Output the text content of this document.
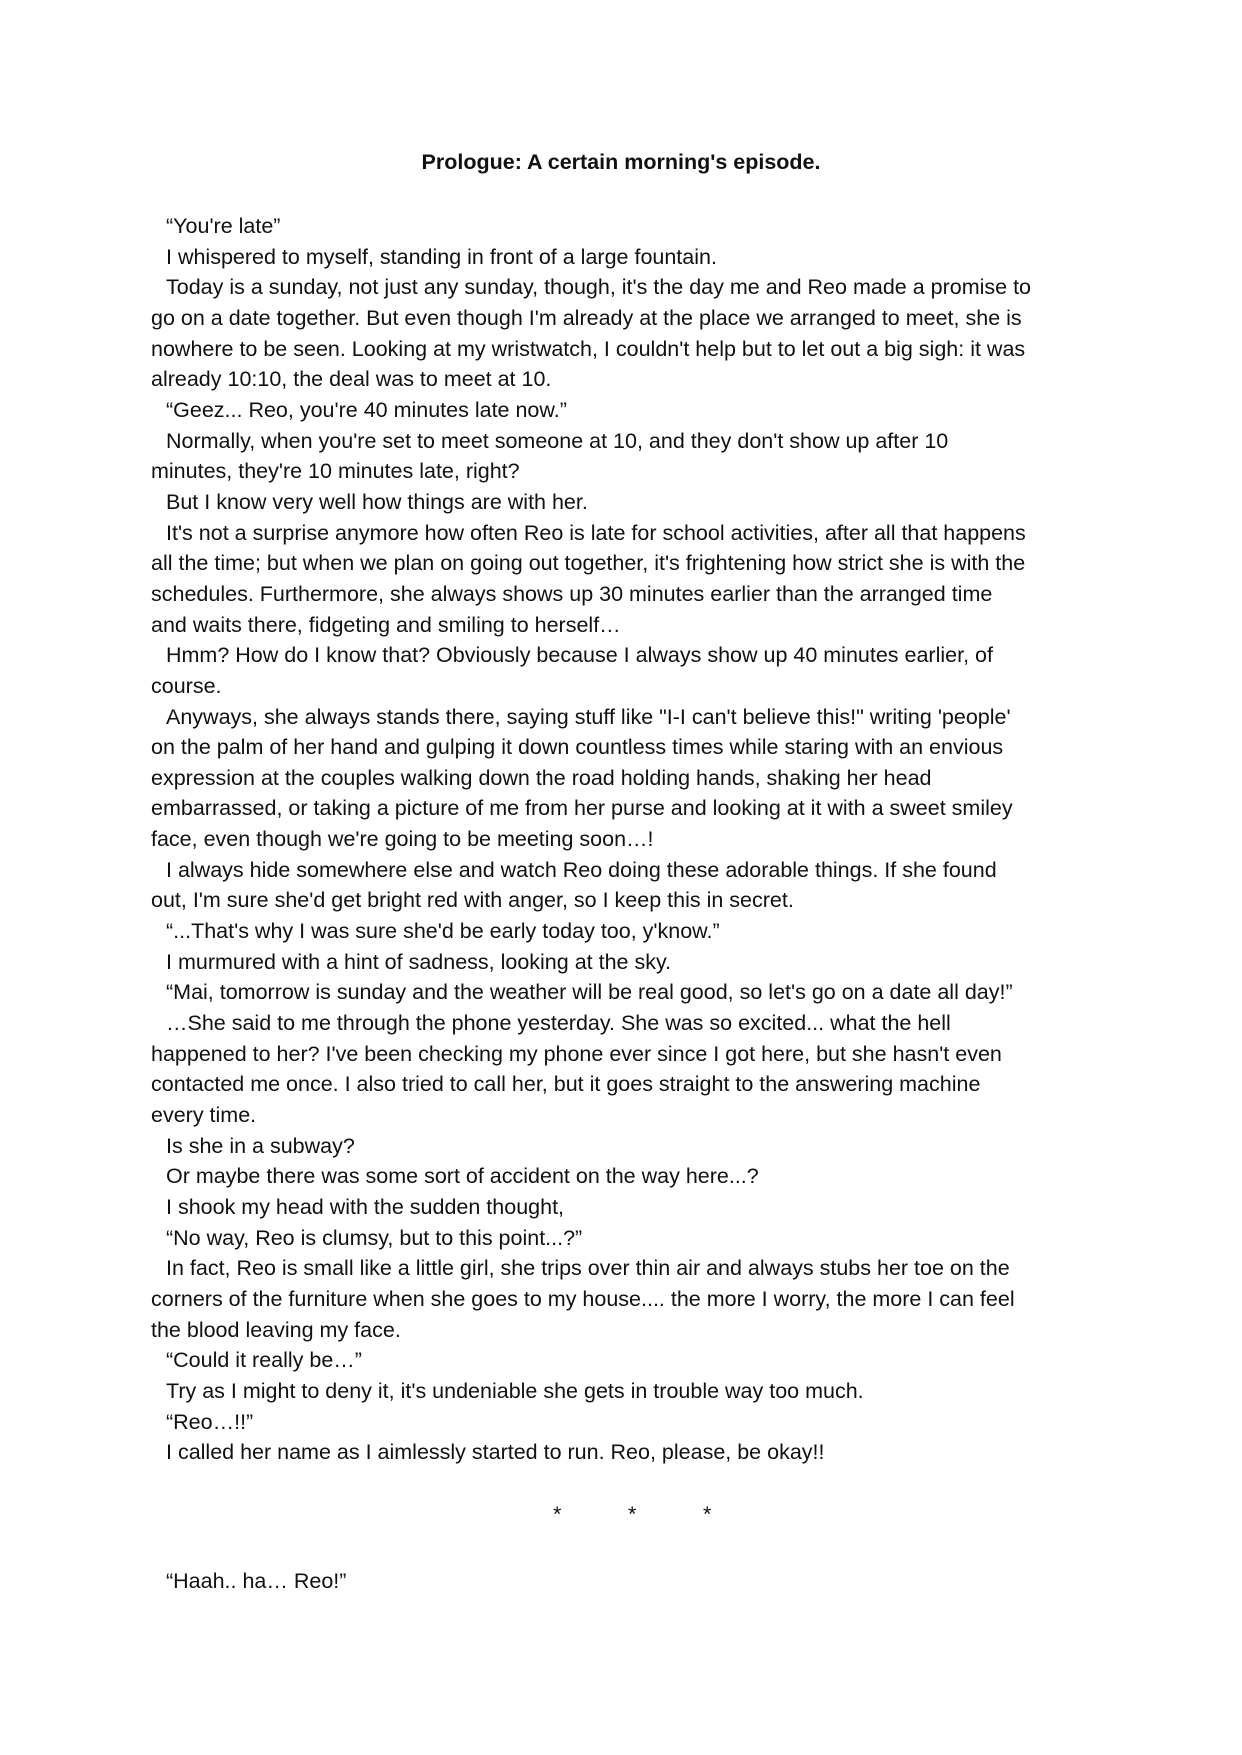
Prologue: A certain morning's episode.
“You're late”
I whispered to myself, standing in front of a large fountain.
Today is a sunday, not just any sunday, though, it's the day me and Reo made a promise to
go on a date together. But even though I'm already at the place we arranged to meet, she is
nowhere to be seen. Looking at my wristwatch, I couldn't help but to let out a big sigh: it was
already 10:10, the deal was to meet at 10.
“Geez... Reo, you're 40 minutes late now.”
Normally, when you're set to meet someone at 10, and they don't show up after 10
minutes, they're 10 minutes late, right?
But I know very well how things are with her.
It's not a surprise anymore how often Reo is late for school activities, after all that happens
all the time; but when we plan on going out together, it's frightening how strict she is with the
schedules. Furthermore, she always shows up 30 minutes earlier than the arranged time
and waits there, fidgeting and smiling to herself…
Hmm? How do I know that? Obviously because I always show up 40 minutes earlier, of
course.
Anyways, she always stands there, saying stuff like "I-I can't believe this!" writing 'people'
on the palm of her hand and gulping it down countless times while staring with an envious
expression at the couples walking down the road holding hands, shaking her head
embarrassed, or taking a picture of me from her purse and looking at it with a sweet smiley
face, even though we're going to be meeting soon…!
I always hide somewhere else and watch Reo doing these adorable things. If she found
out, I'm sure she'd get bright red with anger, so I keep this in secret.
“...That's why I was sure she'd be early today too, y'know.”
I murmured with a hint of sadness, looking at the sky.
“Mai, tomorrow is sunday and the weather will be real good, so let's go on a date all day!”
…She said to me through the phone yesterday. She was so excited... what the hell
happened to her? I've been checking my phone ever since I got here, but she hasn't even
contacted me once. I also tried to call her, but it goes straight to the answering machine
every time.
Is she in a subway?
Or maybe there was some sort of accident on the way here...?
I shook my head with the sudden thought,
“No way, Reo is clumsy, but to this point...?”
In fact, Reo is small like a little girl, she trips over thin air and always stubs her toe on the
corners of the furniture when she goes to my house.... the more I worry, the more I can feel
the blood leaving my face.
“Could it really be…”
Try as I might to deny it, it's undeniable she gets in trouble way too much.
“Reo…!!”
I called her name as I aimlessly started to run. Reo, please, be okay!!
*	*	*
“Haah.. ha… Reo!”
